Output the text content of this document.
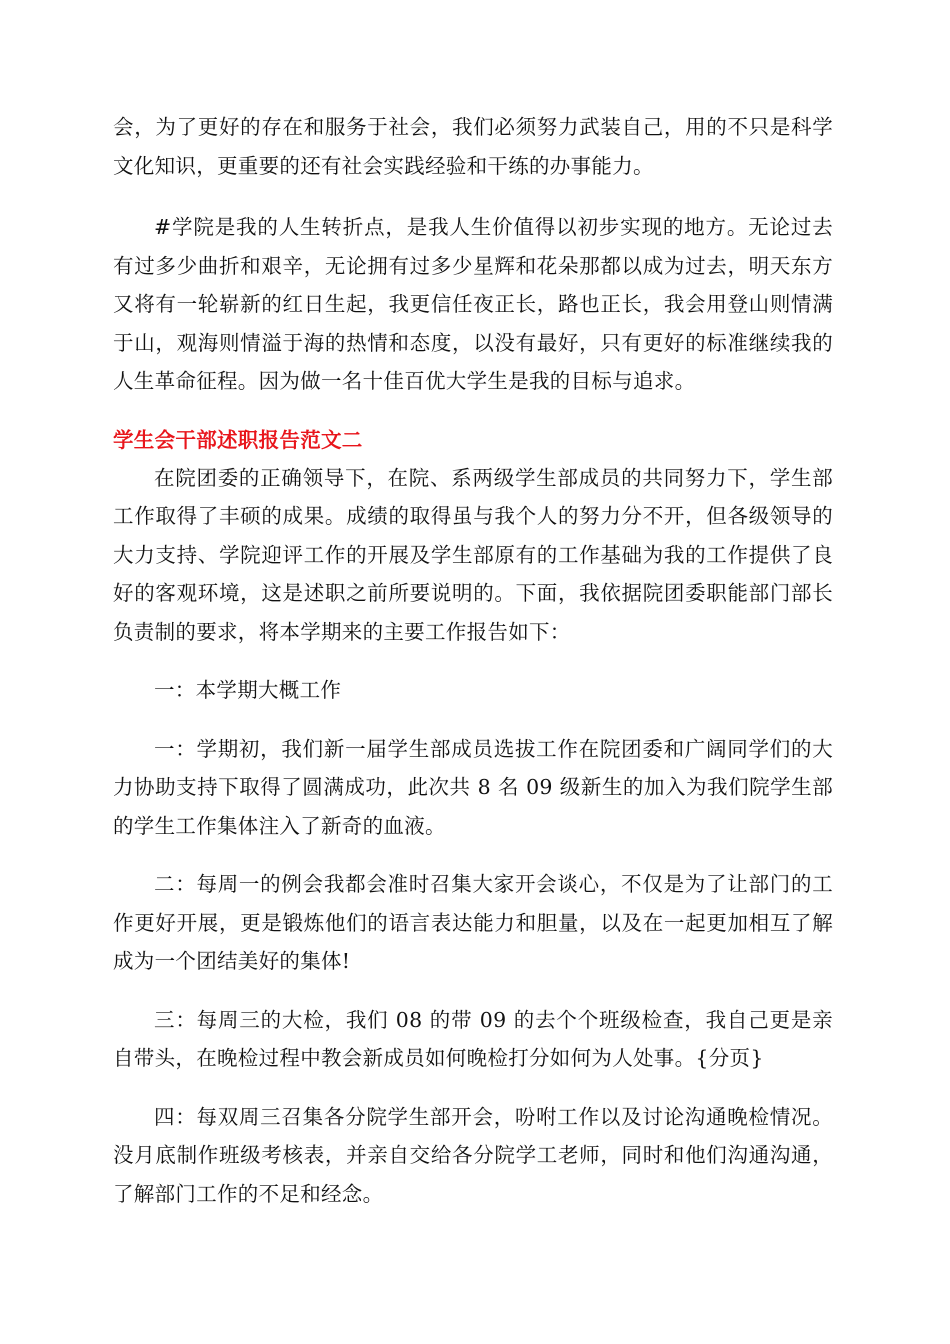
会，为了更好的存在和服务于社会，我们必须努力武装自己，用的不只是科学文化知识，更重要的还有社会实践经验和干练的办事能力。

#学院是我的人生转折点，是我人生价值得以初步实现的地方。无论过去有过多少曲折和艰辛，无论拥有过多少星辉和花朵那都以成为过去，明天东方又将有一轮崭新的红日生起，我更信任夜正长，路也正长，我会用登山则情满于山，观海则情溢于海的热情和态度，以没有最好，只有更好的标准继续我的人生革命征程。因为做一名十佳百优大学生是我的目标与追求。

学生会干部述职报告范文二

在院团委的正确领导下，在院、系两级学生部成员的共同努力下，学生部工作取得了丰硕的成果。成绩的取得虽与我个人的努力分不开，但各级领导的大力支持、学院迎评工作的开展及学生部原有的工作基础为我的工作提供了良好的客观环境，这是述职之前所要说明的。下面，我依据院团委职能部门部长负责制的要求，将本学期来的主要工作报告如下：

一：本学期大概工作

一：学期初，我们新一届学生部成员选拔工作在院团委和广阔同学们的大力协助支持下取得了圆满成功，此次共 8 名 09 级新生的加入为我们院学生部的学生工作集体注入了新奇的血液。

二：每周一的例会我都会准时召集大家开会谈心，不仅是为了让部门的工作更好开展，更是锻炼他们的语言表达能力和胆量，以及在一起更加相互了解成为一个团结美好的集体!

三：每周三的大检，我们 08 的带 09 的去个个班级检查，我自己更是亲自带头，在晚检过程中教会新成员如何晚检打分如何为人处事。{分页}

四：每双周三召集各分院学生部开会，吩咐工作以及讨论沟通晚检情况。没月底制作班级考核表，并亲自交给各分院学工老师，同时和他们沟通沟通，了解部门工作的不足和经念。
